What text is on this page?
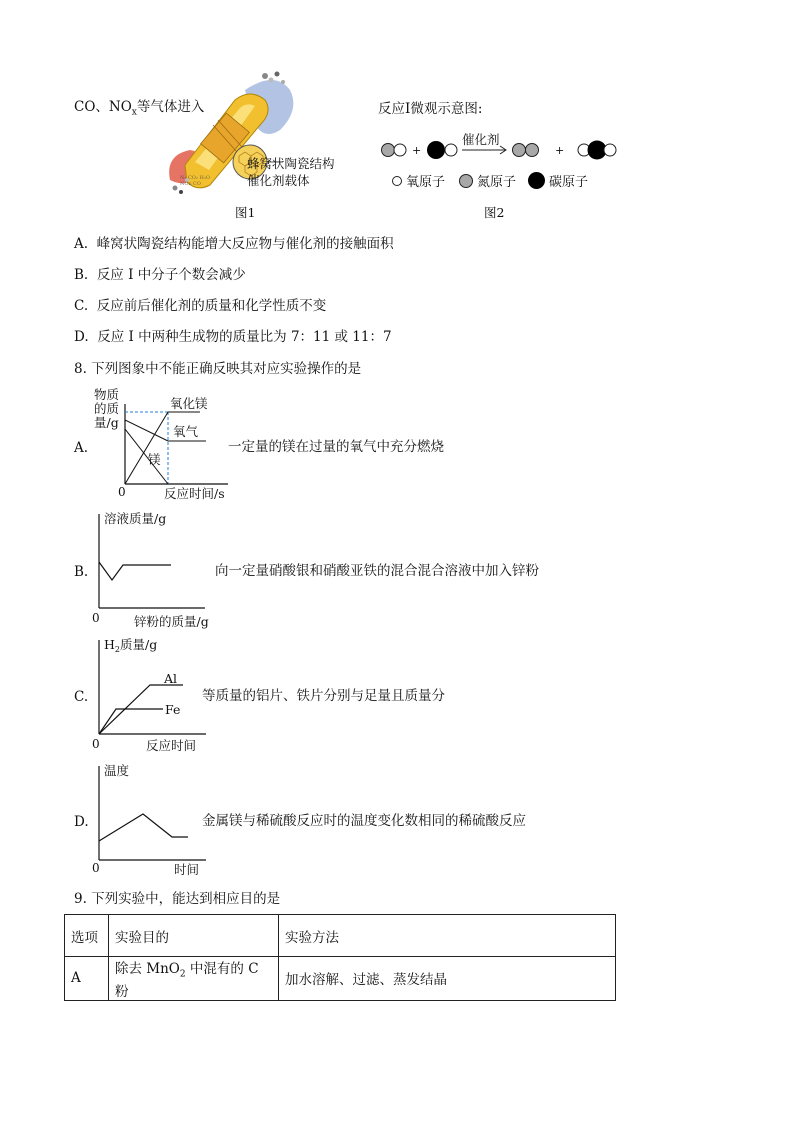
CO、$NO_x$等气体进入
蜂窝状陶瓷结构
催化剂载体
图1
N₂ CO₂ H₂O NOx CO
反应I微观示意图:
+
催化剂
+
氧原子 氮原子	碳原子
图2
A. 峰窝状陶瓷结构能增大反应物与催化剂的接触面积
B. 反应 I 中分子个数会减少
C. 反应前后催化剂的质量和化学性质不变
D. 反应 I 中两种生成物的质量比为 7：11 或 11：7
8. 下列图象中不能正确反映其对应实验操作的是
A.
物质
的质
量/g
氧化镁
氧气
镁
0	反应时间/s
一定量的镁在过量的氧气中充分燃烧
B.
溶液质量/g
0	锌粉的质量/g
向一定量硝酸银和硝酸亚铁的混合混合溶液中加入锌粉
C.
$H_2$质量/g
Al
Fe
0	反应时间
等质量的铝片、铁片分别与足量且质量分
D.
温度
0	时间
金属镁与稀硫酸反应时的温度变化数相同的稀硫酸反应
9. 下列实验中，能达到相应目的是
选项	实验目的	实验方法
A	除去 MnO$_2$ 中混有的 C 粉	加水溶解、过滤、蒸发结晶
